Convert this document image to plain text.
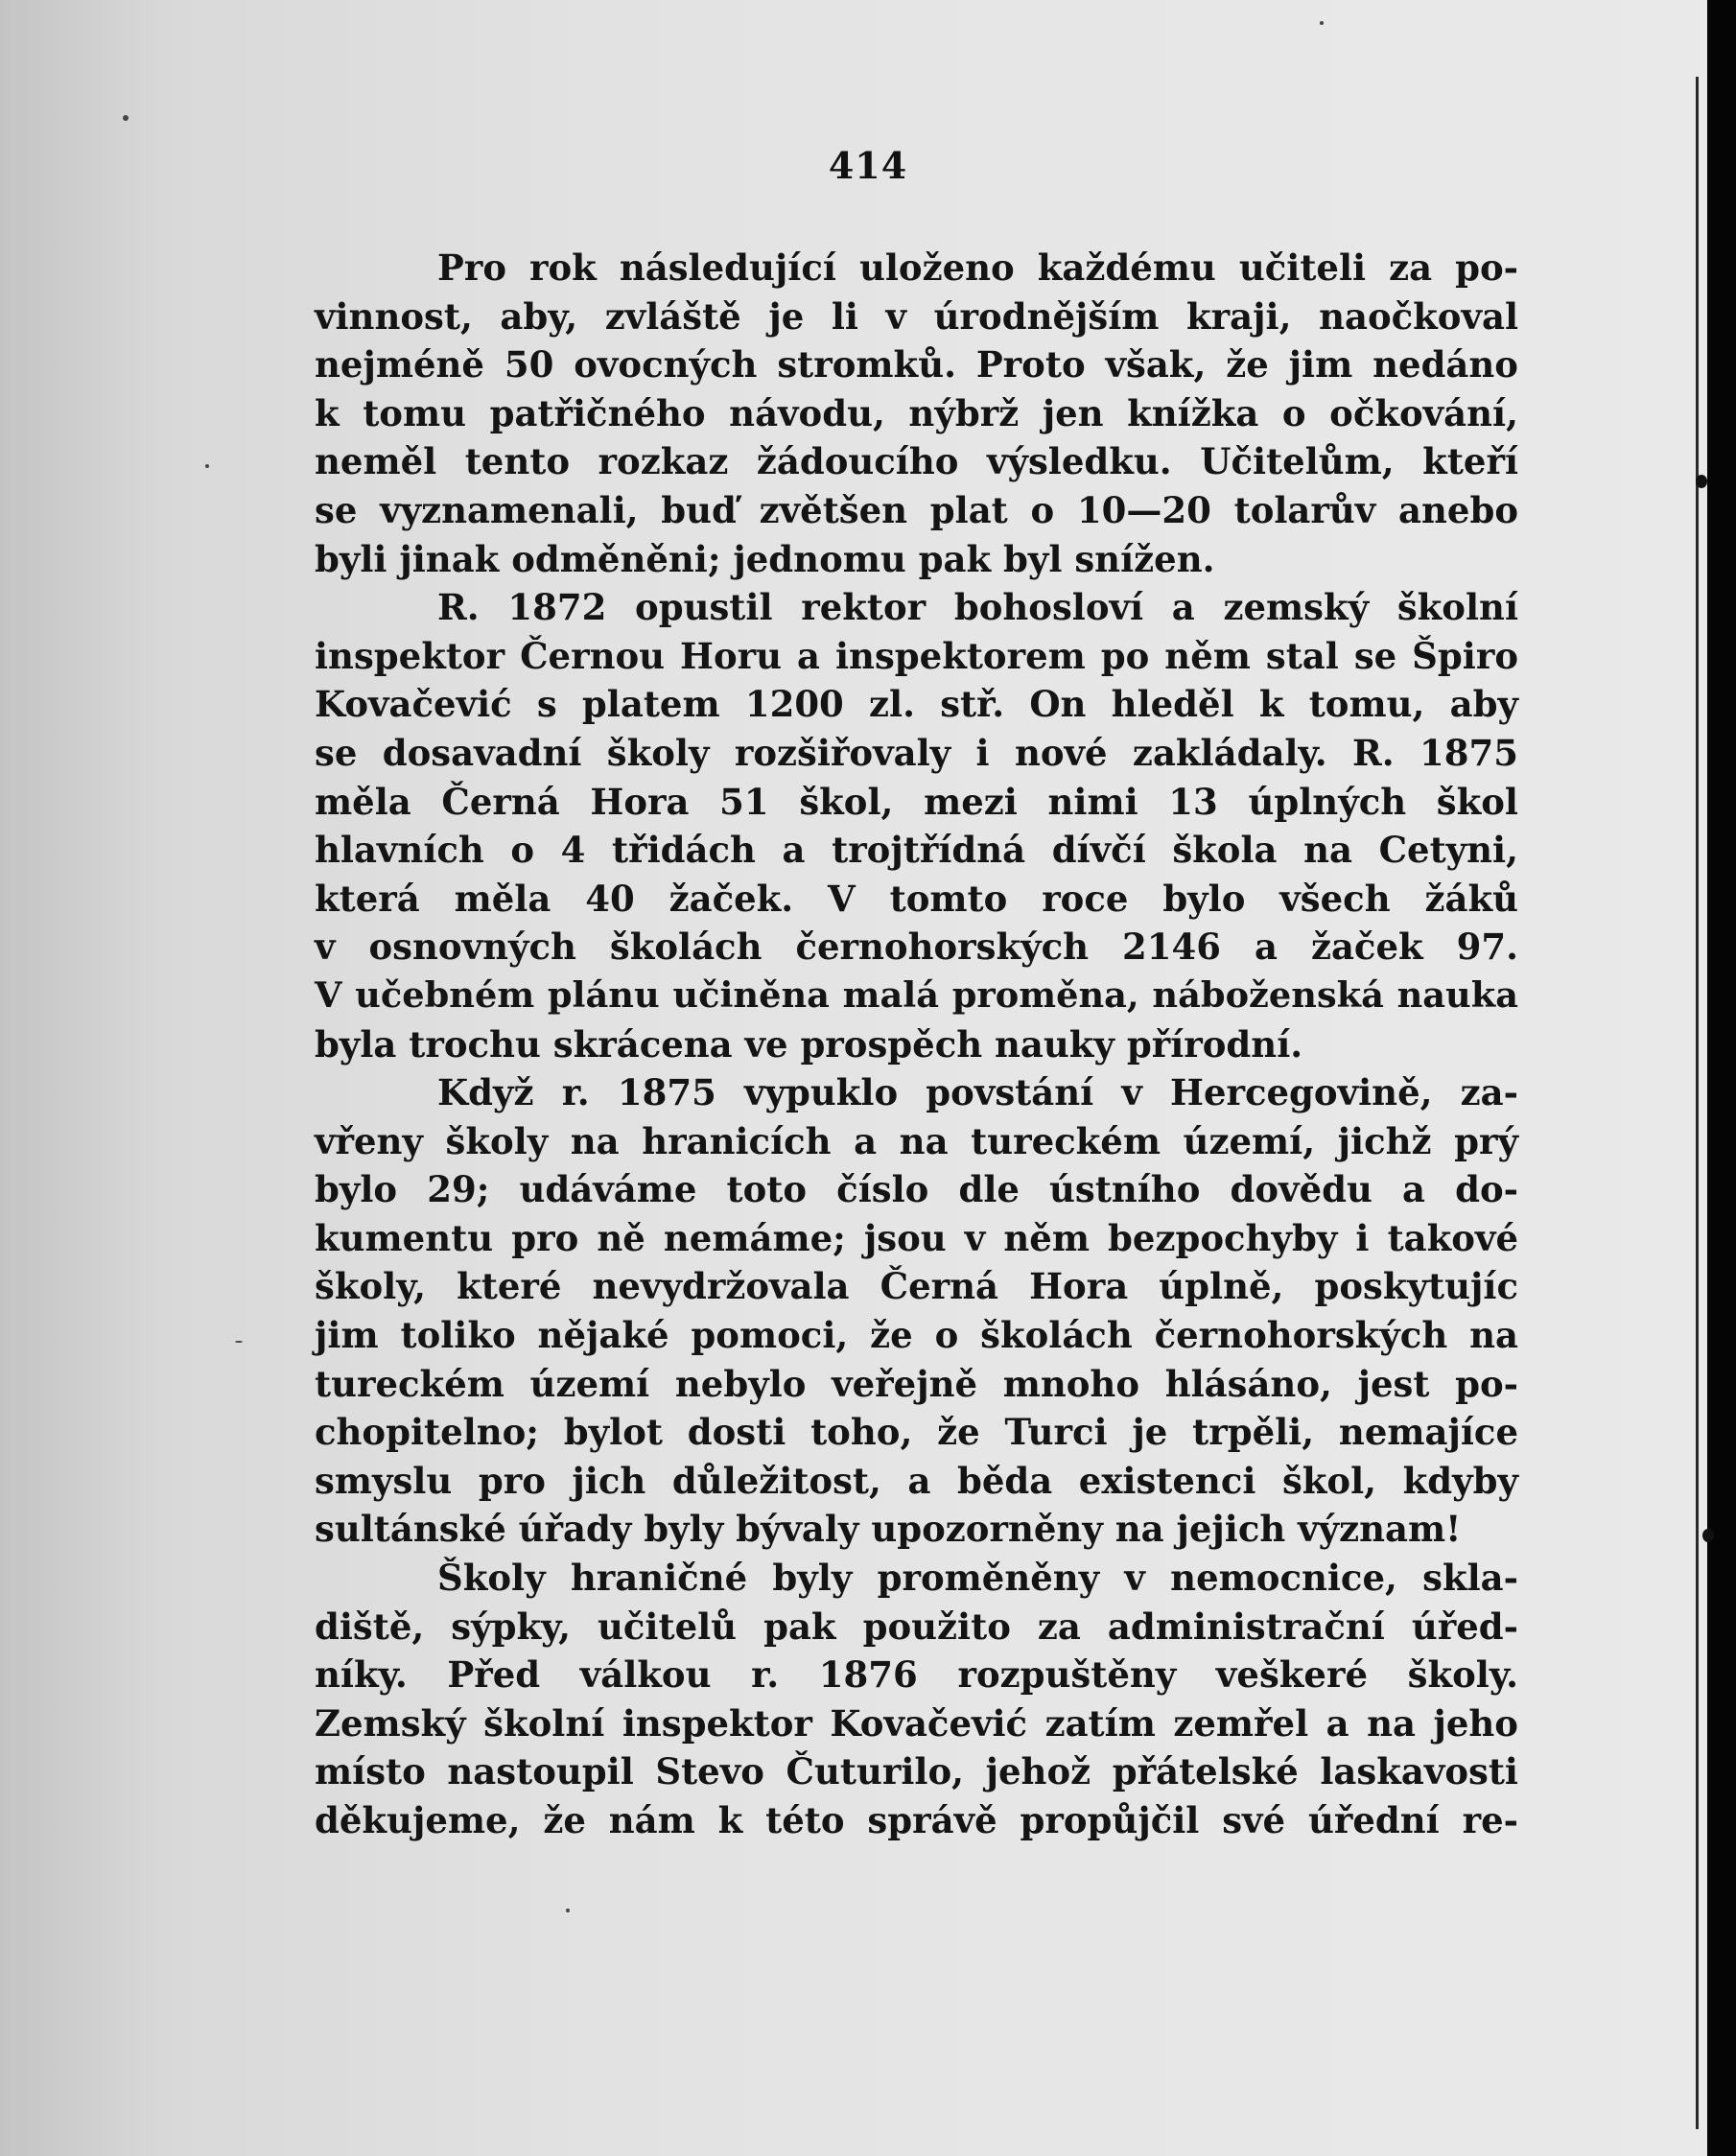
414
Pro rok následující uloženo každému učiteli za po-
vinnost, aby, zvláště je li v úrodnějším kraji, naočkoval
nejméně 50 ovocných stromků. Proto však, že jim nedáno
k tomu patřičného návodu, nýbrž jen knížka o očkování,
neměl tento rozkaz žádoucího výsledku. Učitelům, kteří
se vyznamenali, buď zvětšen plat o 10—20 tolarův anebo
byli jinak odměněni; jednomu pak byl snížen.
R. 1872 opustil rektor bohosloví a zemský školní
inspektor Černou Horu a inspektorem po něm stal se Špiro
Kovačević s platem 1200 zl. stř. On hleděl k tomu, aby
se dosavadní školy rozšiřovaly i nové zakládaly. R. 1875
měla Černá Hora 51 škol, mezi nimi 13 úplných škol
hlavních o 4 třidách a trojtřídná dívčí škola na Cetyni,
která měla 40 žaček. V tomto roce bylo všech žáků
v osnovných školách černohorských 2146 a žaček 97.
V učebném plánu učiněna malá proměna, náboženská nauka
byla trochu skrácena ve prospěch nauky přírodní.
Když r. 1875 vypuklo povstání v Hercegovině, za-
vřeny školy na hranicích a na tureckém území, jichž prý
bylo 29; udáváme toto číslo dle ústního dovědu a do-
kumentu pro ně nemáme; jsou v něm bezpochyby i takové
školy, které nevydržovala Černá Hora úplně, poskytujíc
jim toliko nějaké pomoci, že o školách černohorských na
tureckém území nebylo veřejně mnoho hlásáno, jest po-
chopitelno; bylot dosti toho, že Turci je trpěli, nemajíce
smyslu pro jich důležitost, a běda existenci škol, kdyby
sultánské úřady byly bývaly upozorněny na jejich význam!
Školy hraničné byly proměněny v nemocnice, skla-
diště, sýpky, učitelů pak použito za administrační úřed-
níky. Před válkou r. 1876 rozpuštěny veškeré školy.
Zemský školní inspektor Kovačević zatím zemřel a na jeho
místo nastoupil Stevo Čuturilo, jehož přátelské laskavosti
děkujeme, že nám k této správě propůjčil své úřední re-
